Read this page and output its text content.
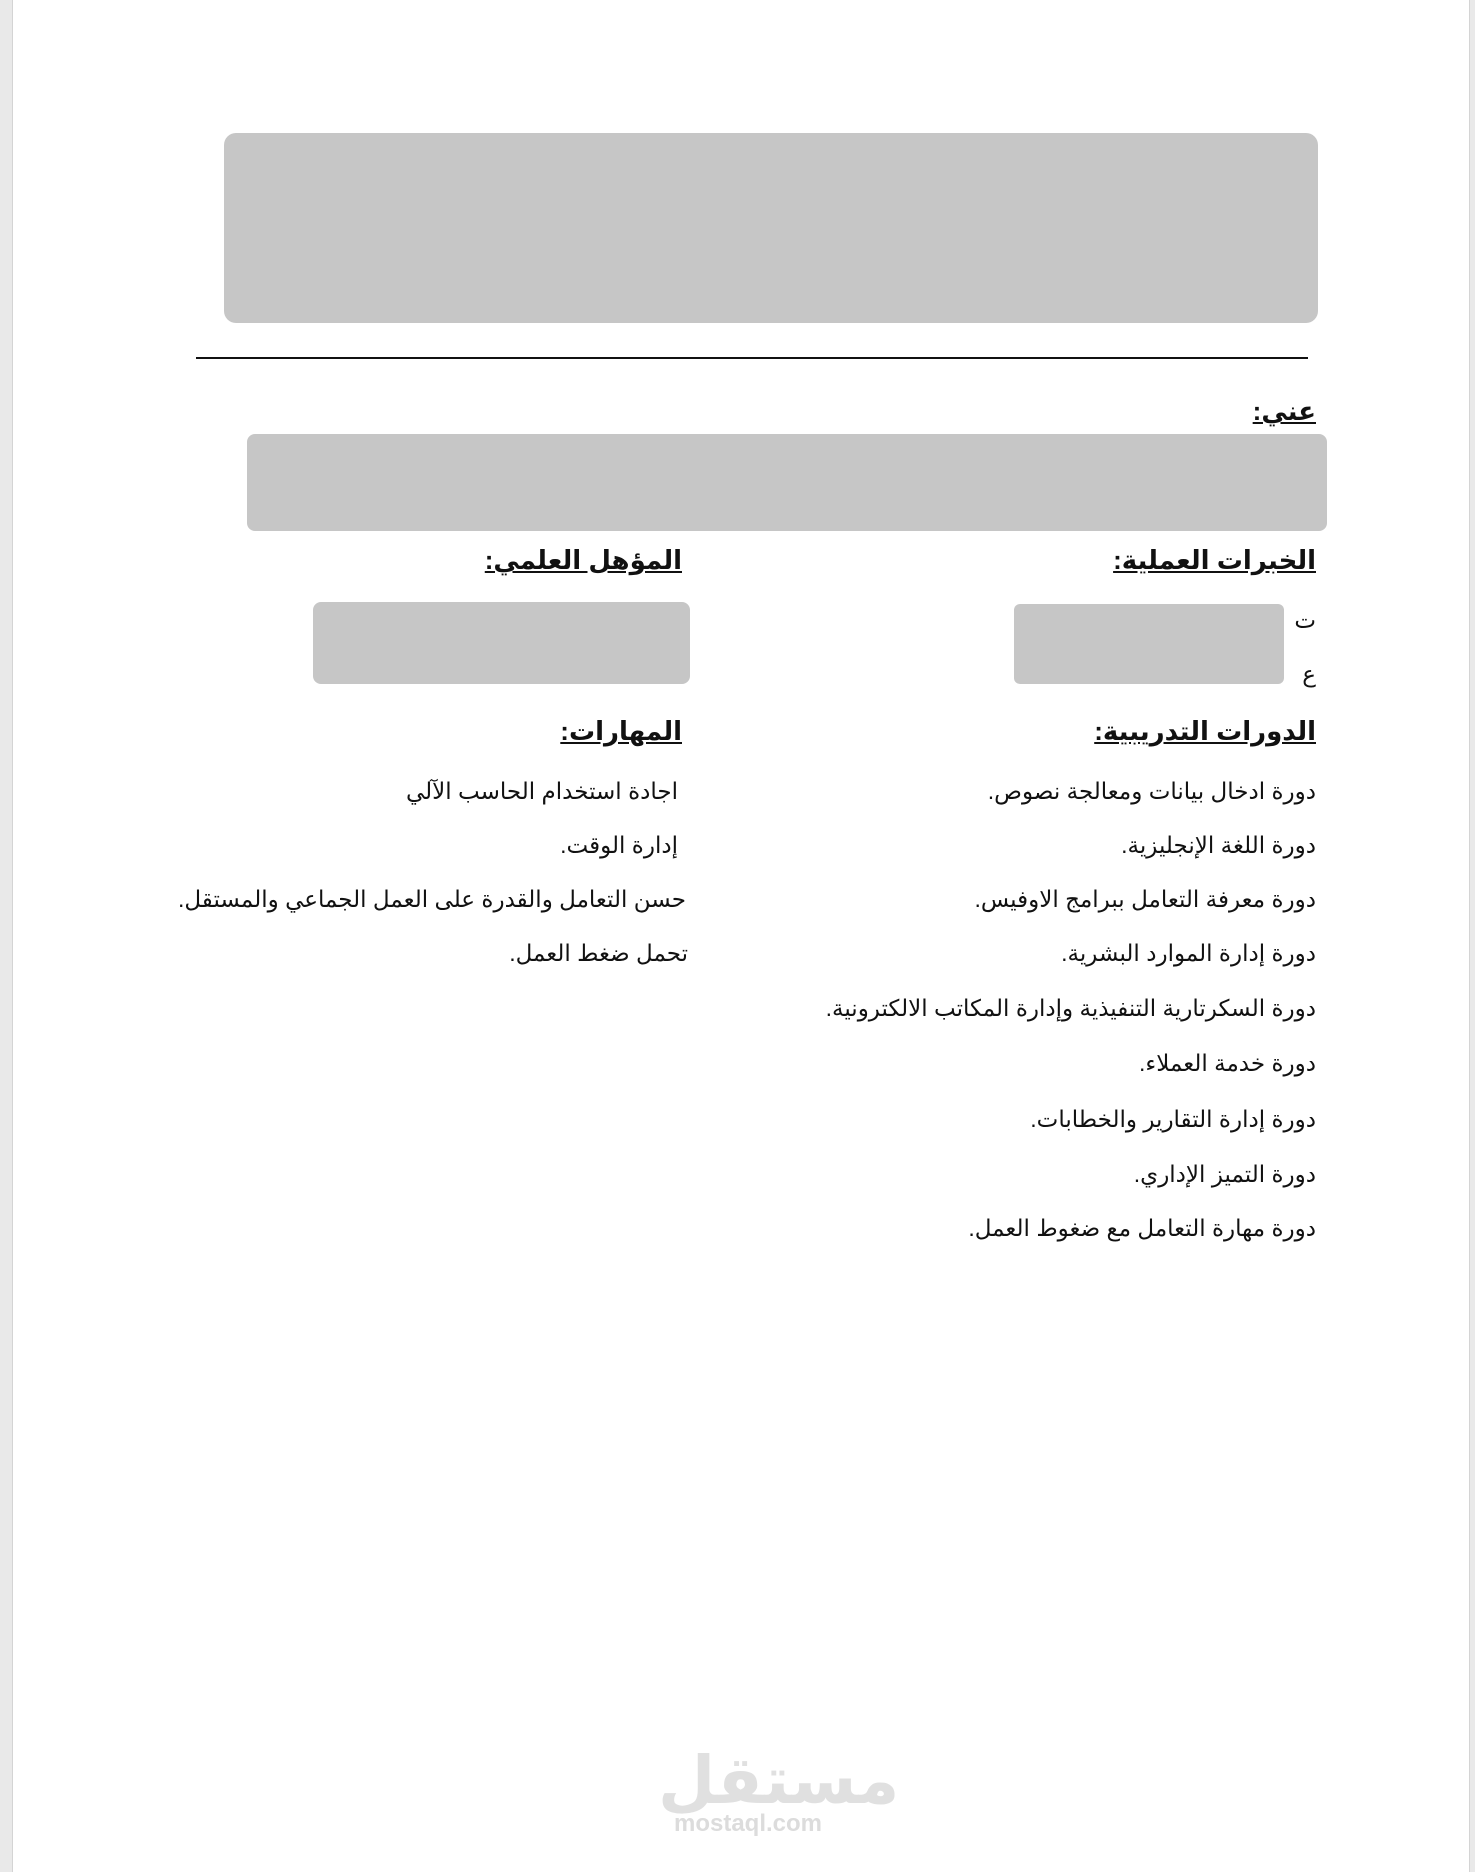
عني:
الخبرات العملية:
ت
ع
المؤهل العلمي:
الدورات التدريبية:
دورة ادخال بيانات ومعالجة نصوص.
دورة اللغة الإنجليزية.
دورة معرفة التعامل ببرامج الاوفيس.
دورة إدارة الموارد البشرية.
دورة السكرتارية التنفيذية وإدارة المكاتب الالكترونية.
دورة خدمة العملاء.
دورة إدارة التقارير والخطابات.
دورة التميز الإداري.
دورة مهارة التعامل مع ضغوط العمل.
المهارات:
اجادة استخدام الحاسب الآلي
إدارة الوقت.
حسن التعامل والقدرة على العمل الجماعي والمستقل.
تحمل ضغط العمل.
مستقل
mostaql.com
